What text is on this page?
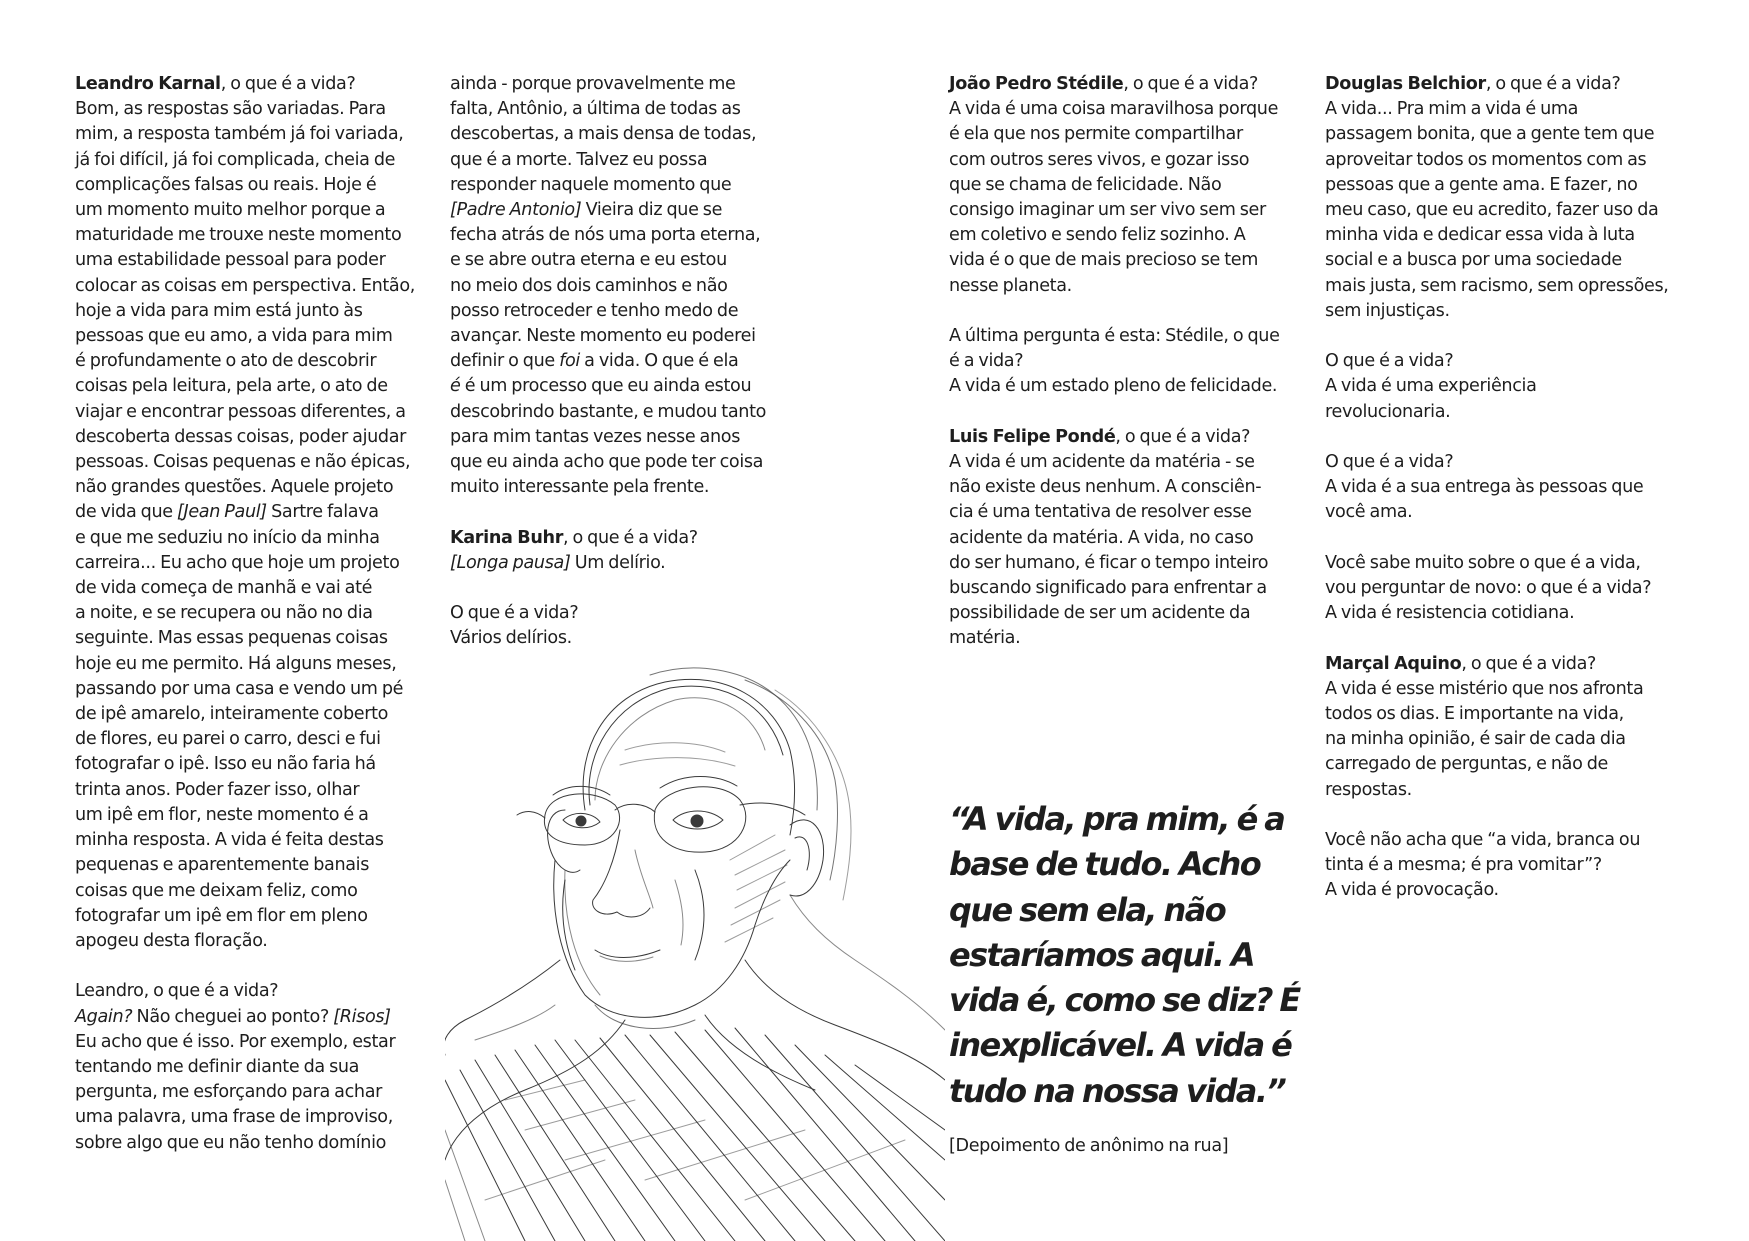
Leandro Karnal, o que é a vida?
Bom, as respostas são variadas. Para
mim, a resposta também já foi variada,
já foi difícil, já foi complicada, cheia de
complicações falsas ou reais. Hoje é
um momento muito melhor porque a
maturidade me trouxe neste momento
uma estabilidade pessoal para poder
colocar as coisas em perspectiva. Então,
hoje a vida para mim está junto às
pessoas que eu amo, a vida para mim
é profundamente o ato de descobrir
coisas pela leitura, pela arte, o ato de
viajar e encontrar pessoas diferentes, a
descoberta dessas coisas, poder ajudar
pessoas. Coisas pequenas e não épicas,
não grandes questões. Aquele projeto
de vida que [Jean Paul] Sartre falava
e que me seduziu no início da minha
carreira... Eu acho que hoje um projeto
de vida começa de manhã e vai até
a noite, e se recupera ou não no dia
seguinte. Mas essas pequenas coisas
hoje eu me permito. Há alguns meses,
passando por uma casa e vendo um pé
de ipê amarelo, inteiramente coberto
de flores, eu parei o carro, desci e fui
fotografar o ipê. Isso eu não faria há
trinta anos. Poder fazer isso, olhar
um ipê em flor, neste momento é a
minha resposta. A vida é feita destas
pequenas e aparentemente banais
coisas que me deixam feliz, como
fotografar um ipê em flor em pleno
apogeu desta floração.
Leandro, o que é a vida?
Again? Não cheguei ao ponto? [Risos]
Eu acho que é isso. Por exemplo, estar
tentando me definir diante da sua
pergunta, me esforçando para achar
uma palavra, uma frase de improviso,
sobre algo que eu não tenho domínio
ainda - porque provavelmente me
falta, Antônio, a última de todas as
descobertas, a mais densa de todas,
que é a morte. Talvez eu possa
responder naquele momento que
[Padre Antonio] Vieira diz que se
fecha atrás de nós uma porta eterna,
e se abre outra eterna e eu estou
no meio dos dois caminhos e não
posso retroceder e tenho medo de
avançar. Neste momento eu poderei
definir o que foi a vida. O que é ela
é é um processo que eu ainda estou
descobrindo bastante, e mudou tanto
para mim tantas vezes nesse anos
que eu ainda acho que pode ter coisa
muito interessante pela frente.
Karina Buhr, o que é a vida?
[Longa pausa] Um delírio.
O que é a vida?
Vários delírios.
João Pedro Stédile, o que é a vida?
A vida é uma coisa maravilhosa porque
é ela que nos permite compartilhar
com outros seres vivos, e gozar isso
que se chama de felicidade. Não
consigo imaginar um ser vivo sem ser
em coletivo e sendo feliz sozinho. A
vida é o que de mais precioso se tem
nesse planeta.
A última pergunta é esta: Stédile, o que
é a vida?
A vida é um estado pleno de felicidade.
Luis Felipe Pondé, o que é a vida?
A vida é um acidente da matéria - se
não existe deus nenhum. A consciên-
cia é uma tentativa de resolver esse
acidente da matéria. A vida, no caso
do ser humano, é ficar o tempo inteiro
buscando significado para enfrentar a
possibilidade de ser um acidente da
matéria.
“A vida, pra mim, é a
base de tudo. Acho
que sem ela, não
estaríamos aqui. A
vida é, como se diz? É
inexplicável. A vida é
tudo na nossa vida.”
[Depoimento de anônimo na rua]
Douglas Belchior, o que é a vida?
A vida... Pra mim a vida é uma
passagem bonita, que a gente tem que
aproveitar todos os momentos com as
pessoas que a gente ama. E fazer, no
meu caso, que eu acredito, fazer uso da
minha vida e dedicar essa vida à luta
social e a busca por uma sociedade
mais justa, sem racismo, sem opressões,
sem injustiças.
O que é a vida?
A vida é uma experiência
revolucionaria.
O que é a vida?
A vida é a sua entrega às pessoas que
você ama.
Você sabe muito sobre o que é a vida,
vou perguntar de novo: o que é a vida?
A vida é resistencia cotidiana.
Marçal Aquino, o que é a vida?
A vida é esse mistério que nos afronta
todos os dias. E importante na vida,
na minha opinião, é sair de cada dia
carregado de perguntas, e não de
respostas.
Você não acha que “a vida, branca ou
tinta é a mesma; é pra vomitar”?
A vida é provocação.
